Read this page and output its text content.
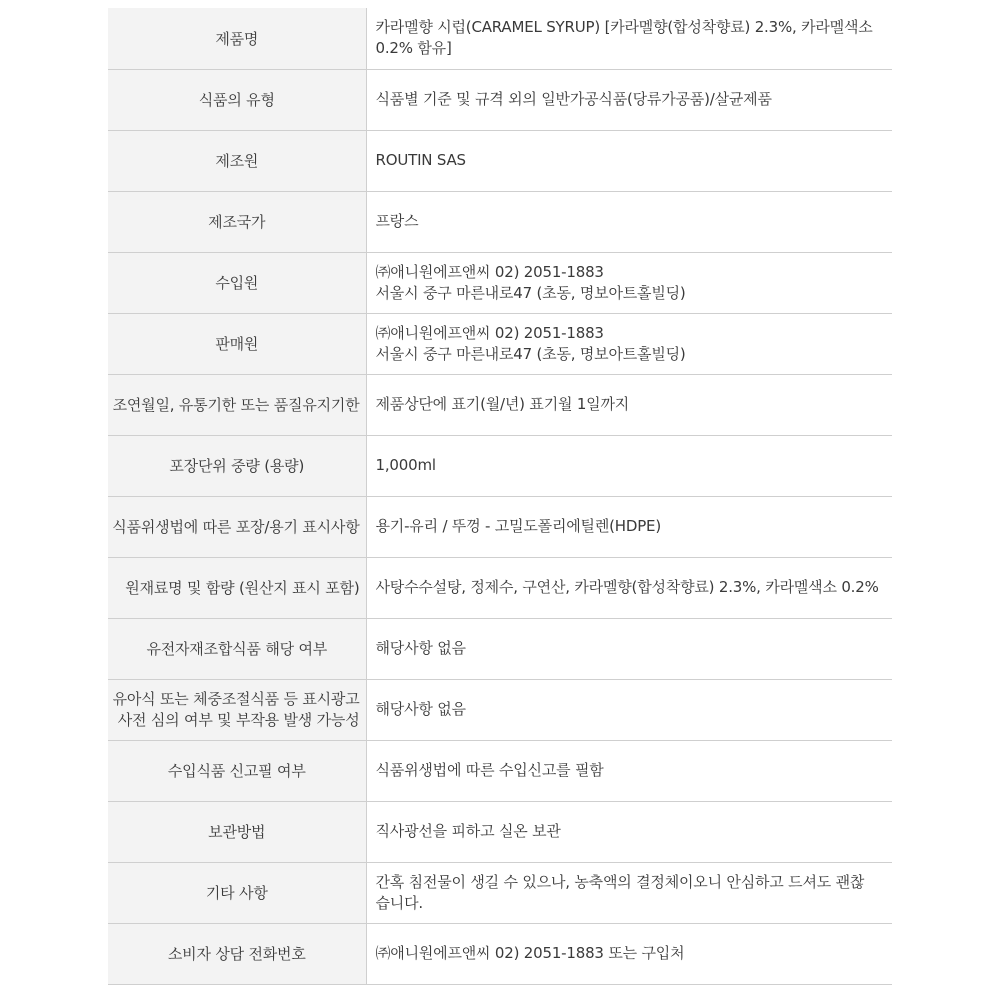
제품명	카라멜향 시럽(CARAMEL SYRUP) [카라멜향(합성착향료) 2.3%, 카라멜색소
0.2% 함유]

식품의 유형	식품별 기준 및 규격 외의 일반가공식품(당류가공품)/살균제품

제조원	ROUTIN SAS

제조국가	프랑스

수입원	㈜애니원에프앤씨 02) 2051-1883
서울시 중구 마른내로47 (초동, 명보아트홀빌딩)

판매원	㈜애니원에프앤씨 02) 2051-1883
서울시 중구 마른내로47 (초동, 명보아트홀빌딩)

조연월일, 유통기한 또는 품질유지기한	제품상단에 표기(월/년) 표기월 1일까지

포장단위 중량 (용량)	1,000ml

식품위생법에 따른 포장/용기 표시사항	용기-유리 / 뚜껑 - 고밀도폴리에틸렌(HDPE)

원재료명 및 함량 (원산지 표시 포함)	사탕수수설탕, 정제수, 구연산, 카라멜향(합성착향료) 2.3%, 카라멜색소 0.2%

유전자재조합식품 해당 여부	해당사항 없음

유아식 또는 체중조절식품 등 표시광고
사전 심의 여부 및 부작용 발생 가능성	해당사항 없음

수입식품 신고필 여부	식품위생법에 따른 수입신고를 필함

보관방법	직사광선을 피하고 실온 보관

기타 사항	간혹 침전물이 생길 수 있으나, 농축액의 결정체이오니 안심하고 드셔도 괜찮
습니다.

소비자 상담 전화번호	㈜애니원에프앤씨 02) 2051-1883 또는 구입처
